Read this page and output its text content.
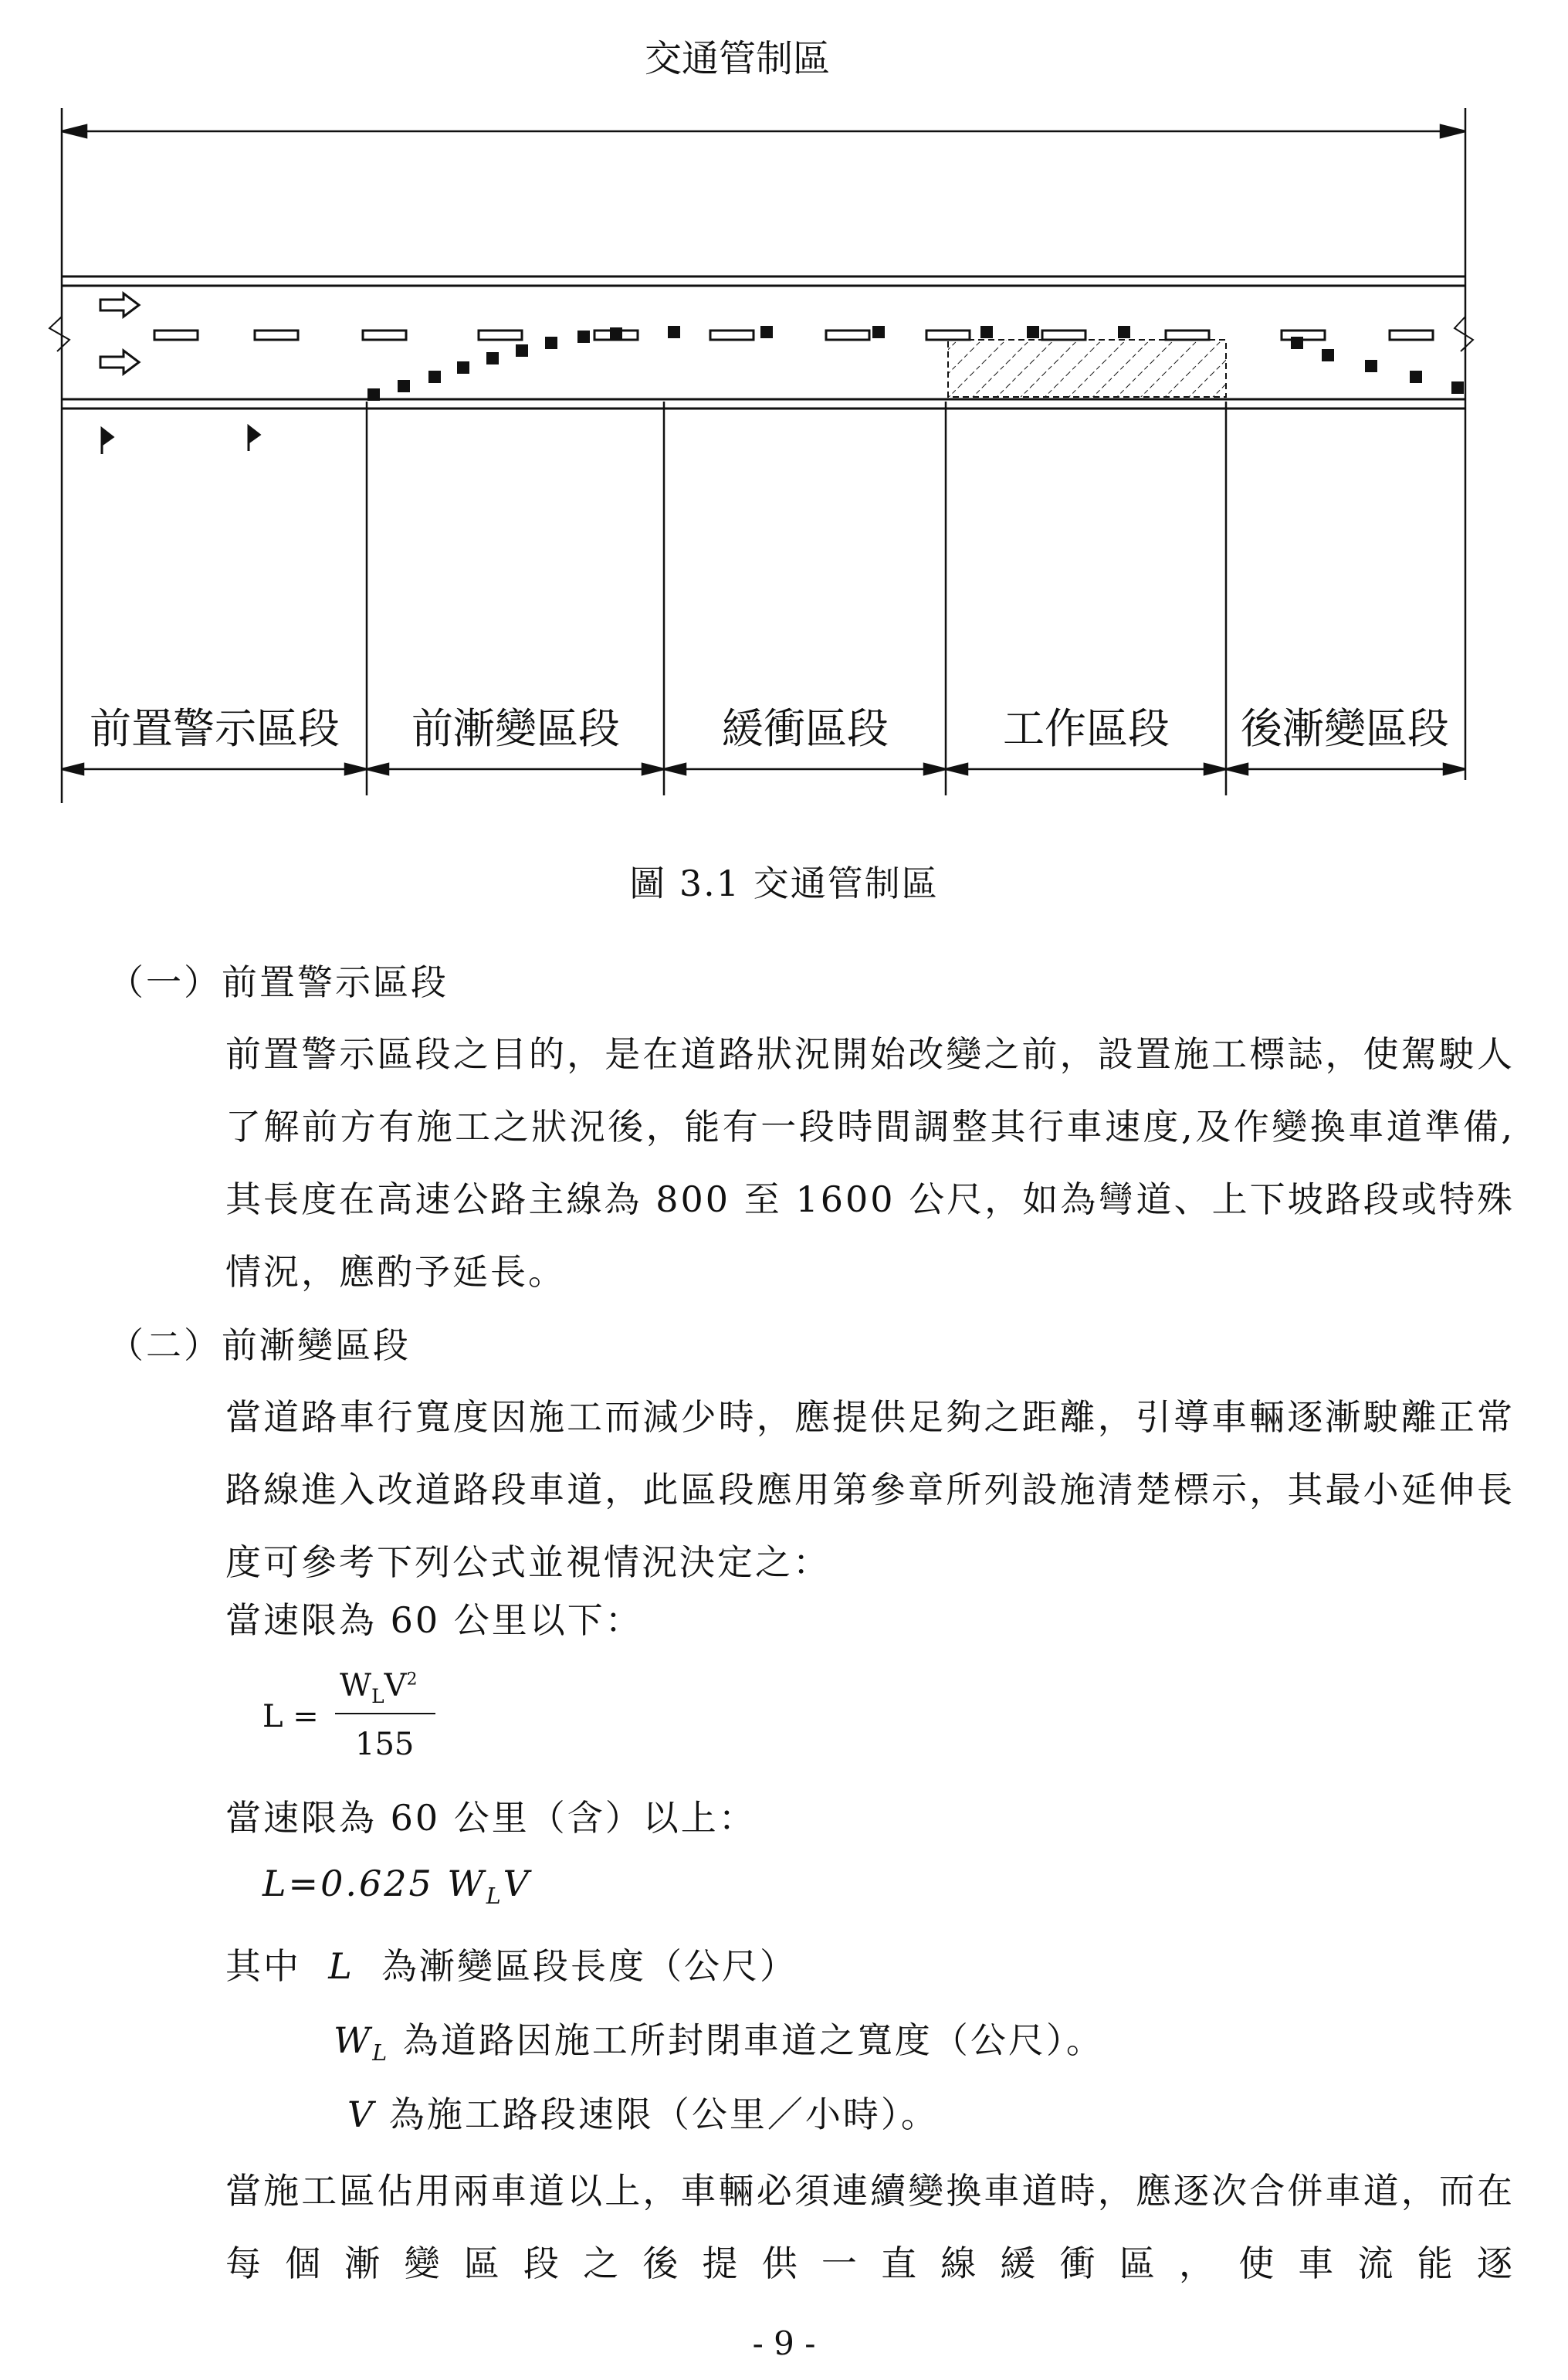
交通管制區
前置警示區段 前漸變區段 緩衝區段	工作區段 後漸變區段
圖 3.1 交通管制區
（一）前置警示區段
前置警示區段之目的，是在道路狀況開始改變之前，設置施工標誌，使駕駛人了解前方有施工之狀況後，能有一段時間調整其行車速度,及作變換車道準備,其長度在高速公路主線為 800 至 1600 公尺，如為彎道、上下坡路段或特殊情況，應酌予延長。
（二）前漸變區段
當道路車行寬度因施工而減少時，應提供足夠之距離，引導車輛逐漸駛離正常路線進入改道路段車道，此區段應用第參章所列設施清楚標示，其最小延伸長度可參考下列公式並視情況決定之：
當速限為 60 公里以下：
L =
$W_LV^2$
155
當速限為 60 公里（含）以上：
L=0.625 $W_LV$
其中 L 為漸變區段長度（公尺）
$W_L$ 為道路因施工所封閉車道之寬度（公尺）。
V 為施工路段速限（公里／小時）。
當施工區佔用兩車道以上，車輛必須連續變換車道時，應逐次合併車道，而在每個漸變區段之後提供一直線緩衝區，使車流能逐
- 9 -
